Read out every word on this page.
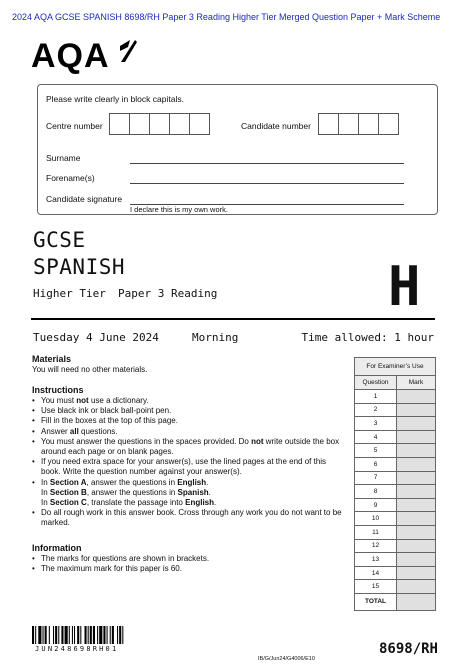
2024 AQA GCSE SPANISH 8698/RH Paper 3 Reading Higher Tier Merged Question Paper + Mark Scheme
AQA
Please write clearly in block capitals.
Centre number	Candidate number
Surname
Forename(s)
Candidate signature
I declare this is my own work.
GCSE
SPANISH
Higher Tier Paper 3 Reading	H
Tuesday 4 June 2024	Morning	Time allowed: 1 hour
Materials
You will need no other materials.
Instructions
• You must not use a dictionary.
• Use black ink or black ball-point pen.
• Fill in the boxes at the top of this page.
• Answer all questions.
• You must answer the questions in the spaces provided. Do not write outside the box around each page or on blank pages.
• If you need extra space for your answer(s), use the lined pages at the end of this book. Write the question number against your answer(s).
• In Section A, answer the questions in English.
In Section B, answer the questions in Spanish.
In Section C, translate the passage into English.
• Do all rough work in this answer book. Cross through any work you do not want to be marked.
Information
• The marks for questions are shown in brackets.
• The maximum mark for this paper is 60.
For Examiner’s Use	
Question	Mark
1	
2	
3	
4	
5	
6	
7	
8	
9	
10	
11	
12	
13	
14	
15	
TOTAL	
JUN248698RH01
IB/G/Jun24/G4006/E10
8698/RH
